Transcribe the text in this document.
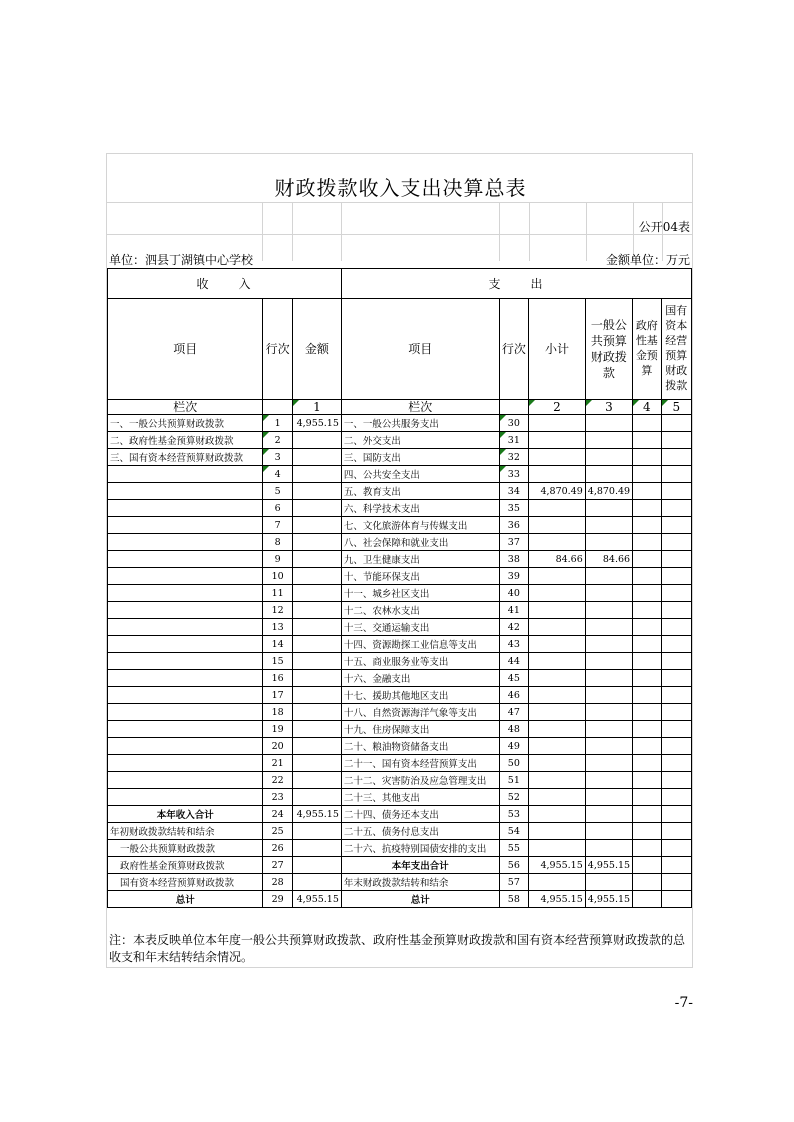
财政拨款收入支出决算总表
公开04表
单位：泗县丁湖镇中心学校	金额单位：万元
收　　入			支　　出					
项目	行次	金额	项目	行次	小计	一般公共预算财政拨款	政府性基金预算	国有资本经营预算财政拨款
栏次		1	栏次		2	3	4	5
一、一般公共预算财政拨款	1	4,955.15	一、一般公共服务支出	30				
二、政府性基金预算财政拨款	2		二、外交支出	31				
三、国有资本经营预算财政拨款	3		三、国防支出	32				
	4		四、公共安全支出	33				
	5		五、教育支出	34	4,870.49	4,870.49		
	6		六、科学技术支出	35				
	7		七、文化旅游体育与传媒支出	36				
	8		八、社会保障和就业支出	37				
	9		九、卫生健康支出	38	84.66	84.66		
	10		十、节能环保支出	39				
	11		十一、城乡社区支出	40				
	12		十二、农林水支出	41				
	13		十三、交通运输支出	42				
	14		十四、资源勘探工业信息等支出	43				
	15		十五、商业服务业等支出	44				
	16		十六、金融支出	45				
	17		十七、援助其他地区支出	46				
	18		十八、自然资源海洋气象等支出	47				
	19		十九、住房保障支出	48				
	20		二十、粮油物资储备支出	49				
	21		二十一、国有资本经营预算支出	50				
	22		二十二、灾害防治及应急管理支出	51				
	23		二十三、其他支出	52				
本年收入合计	24	4,955.15	二十四、债务还本支出	53				
年初财政拨款结转和结余	25		二十五、债务付息支出	54				
一般公共预算财政拨款	26		二十六、抗疫特别国债安排的支出	55				
政府性基金预算财政拨款	27		本年支出合计	56	4,955.15	4,955.15		
国有资本经营预算财政拨款	28		年末财政拨款结转和结余	57				
总计	29	4,955.15	总计	58	4,955.15	4,955.15		
注：本表反映单位本年度一般公共预算财政拨款、政府性基金预算财政拨款和国有资本经营预算财政拨款的总收支和年末结转结余情况。
-7-
